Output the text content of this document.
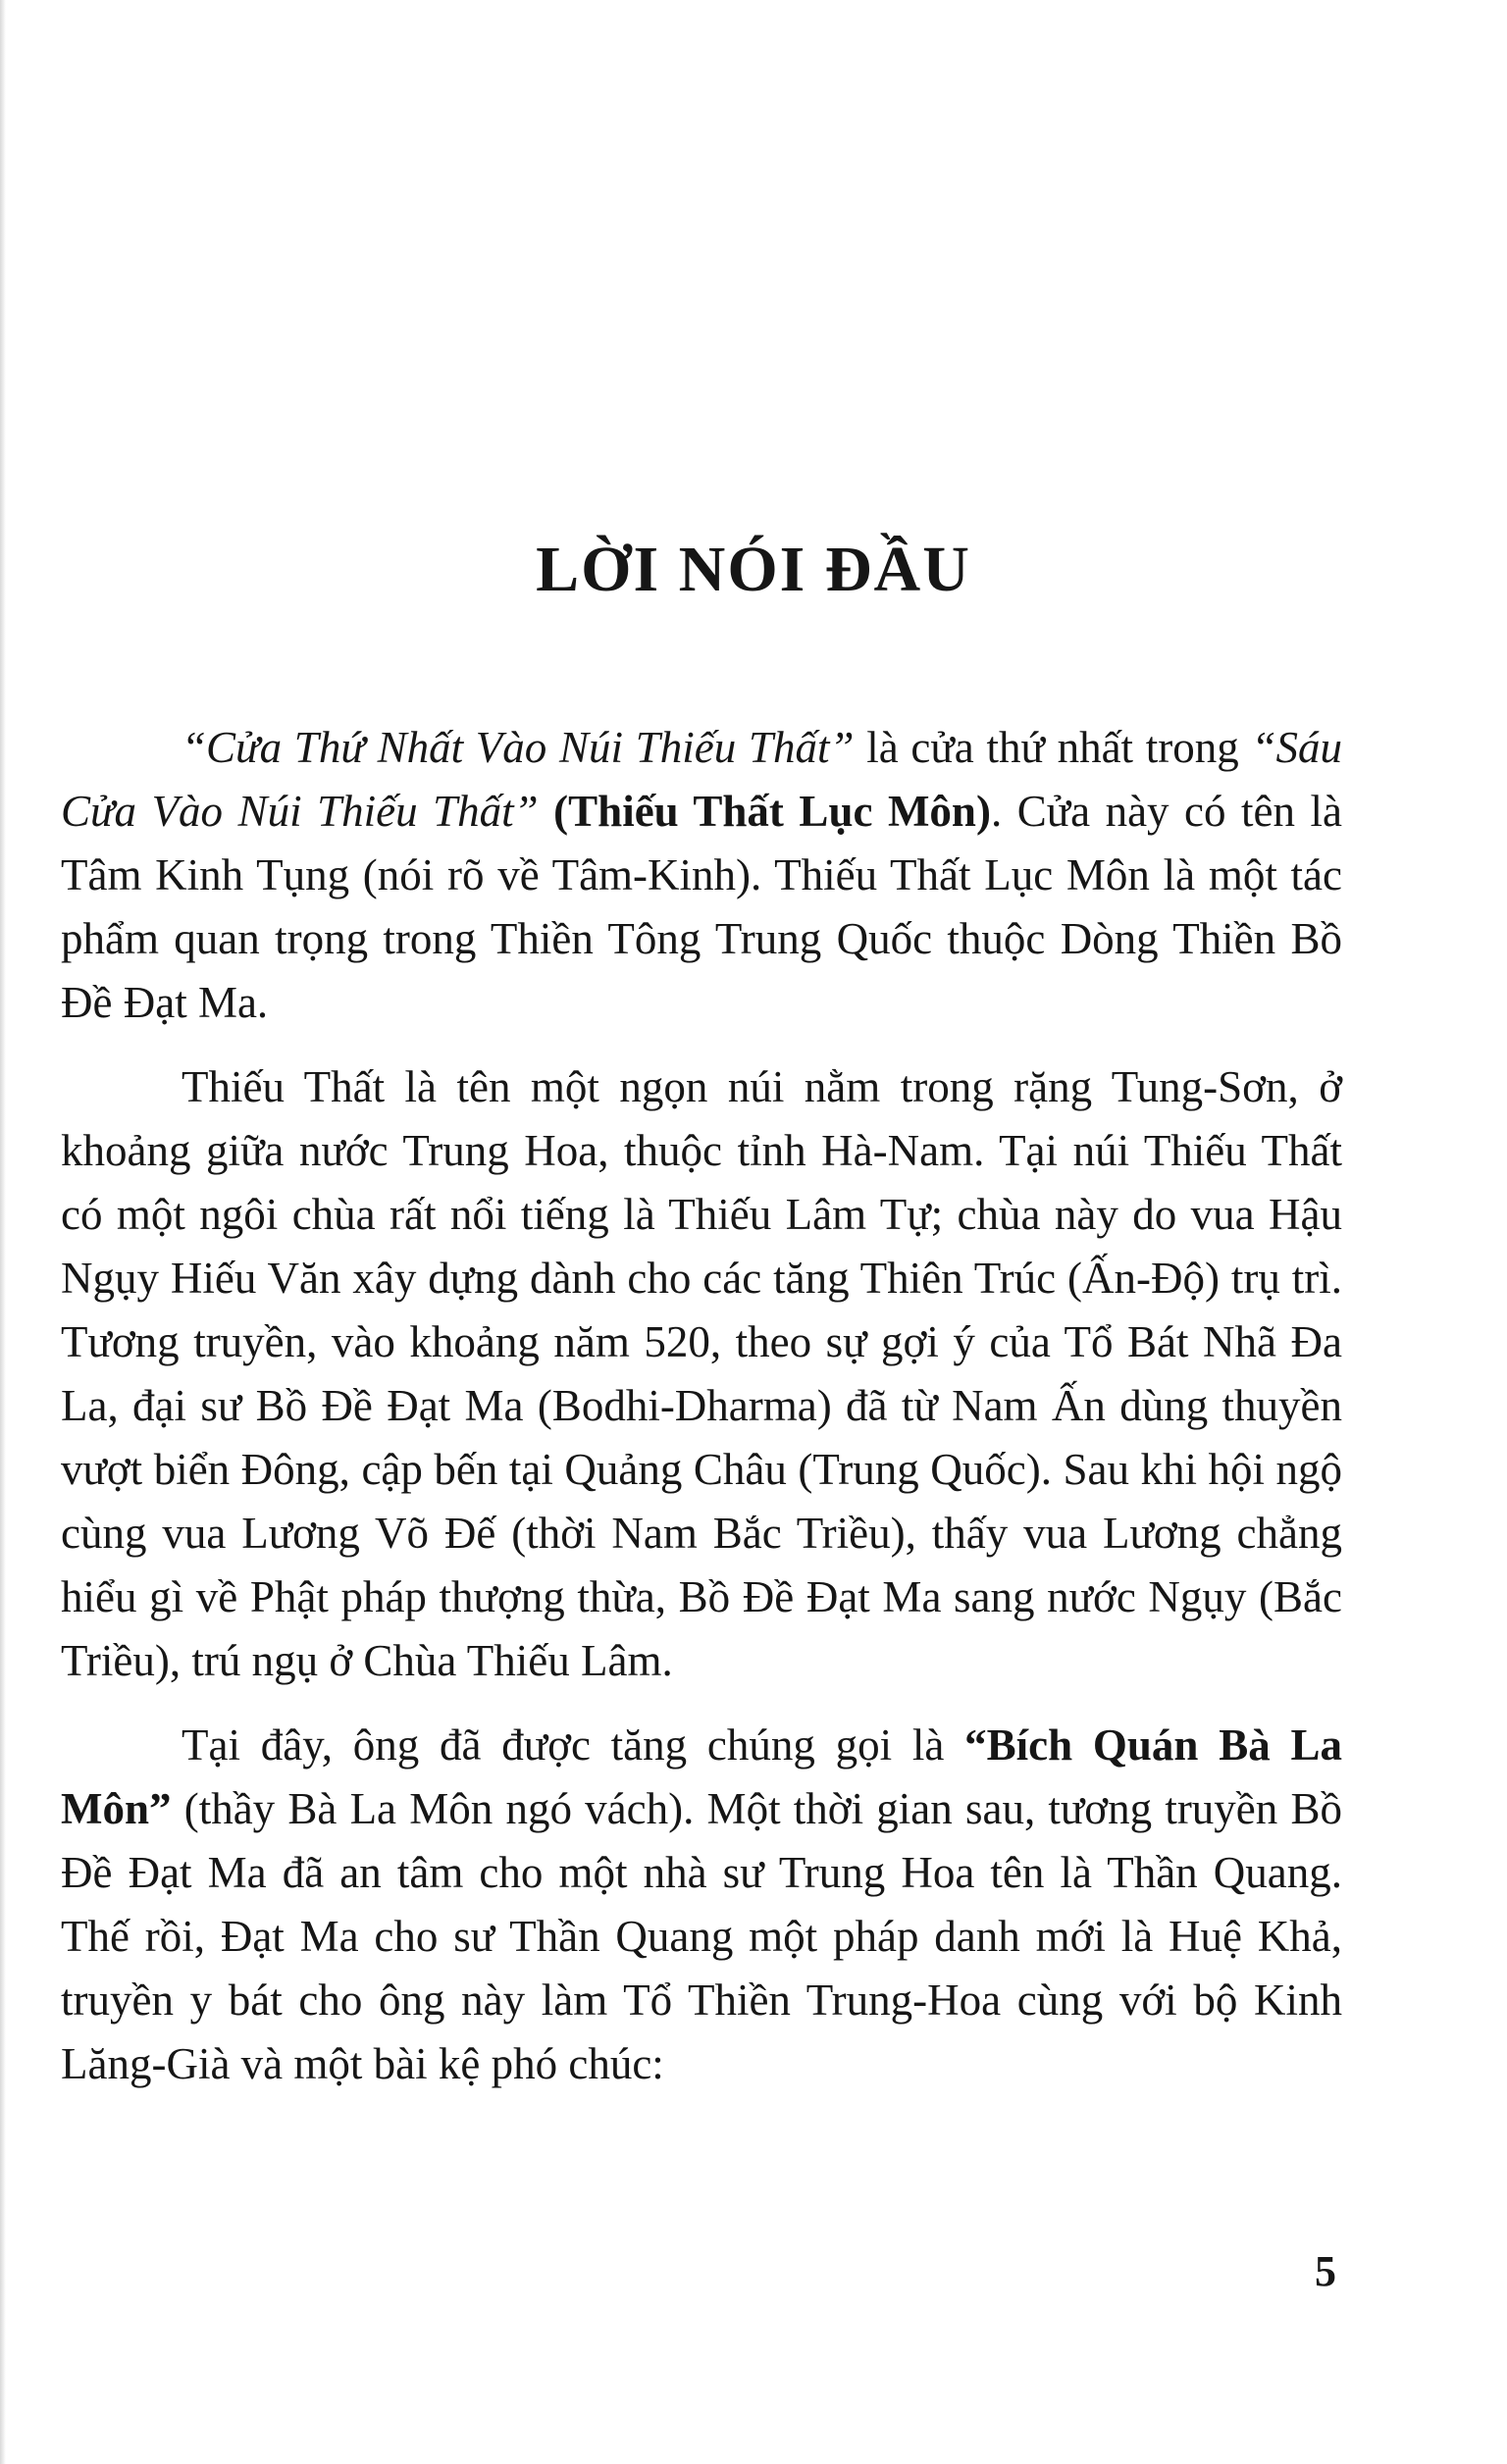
LỜI NÓI ĐẦU

“Cửa Thứ Nhất Vào Núi Thiếu Thất” là cửa thứ nhất trong “Sáu Cửa Vào Núi Thiếu Thất” (Thiếu Thất Lục Môn). Cửa này có tên là Tâm Kinh Tụng (nói rõ về Tâm-Kinh). Thiếu Thất Lục Môn là một tác phẩm quan trọng trong Thiền Tông Trung Quốc thuộc Dòng Thiền Bồ Đề Đạt Ma.

Thiếu Thất là tên một ngọn núi nằm trong rặng Tung-Sơn, ở khoảng giữa nước Trung Hoa, thuộc tỉnh Hà-Nam. Tại núi Thiếu Thất có một ngôi chùa rất nổi tiếng là Thiếu Lâm Tự; chùa này do vua Hậu Ngụy Hiếu Văn xây dựng dành cho các tăng Thiên Trúc (Ấn-Độ) trụ trì. Tương truyền, vào khoảng năm 520, theo sự gợi ý của Tổ Bát Nhã Đa La, đại sư Bồ Đề Đạt Ma (Bodhi-Dharma) đã từ Nam Ấn dùng thuyền vượt biển Đông, cập bến tại Quảng Châu (Trung Quốc). Sau khi hội ngộ cùng vua Lương Võ Đế (thời Nam Bắc Triều), thấy vua Lương chẳng hiểu gì về Phật pháp thượng thừa, Bồ Đề Đạt Ma sang nước Ngụy (Bắc Triều), trú ngụ ở Chùa Thiếu Lâm.

Tại đây, ông đã được tăng chúng gọi là “Bích Quán Bà La Môn” (thầy Bà La Môn ngó vách). Một thời gian sau, tương truyền Bồ Đề Đạt Ma đã an tâm cho một nhà sư Trung Hoa tên là Thần Quang. Thế rồi, Đạt Ma cho sư Thần Quang một pháp danh mới là Huệ Khả, truyền y bát cho ông này làm Tổ Thiền Trung-Hoa cùng với bộ Kinh Lăng-Già và một bài kệ phó chúc:

5
